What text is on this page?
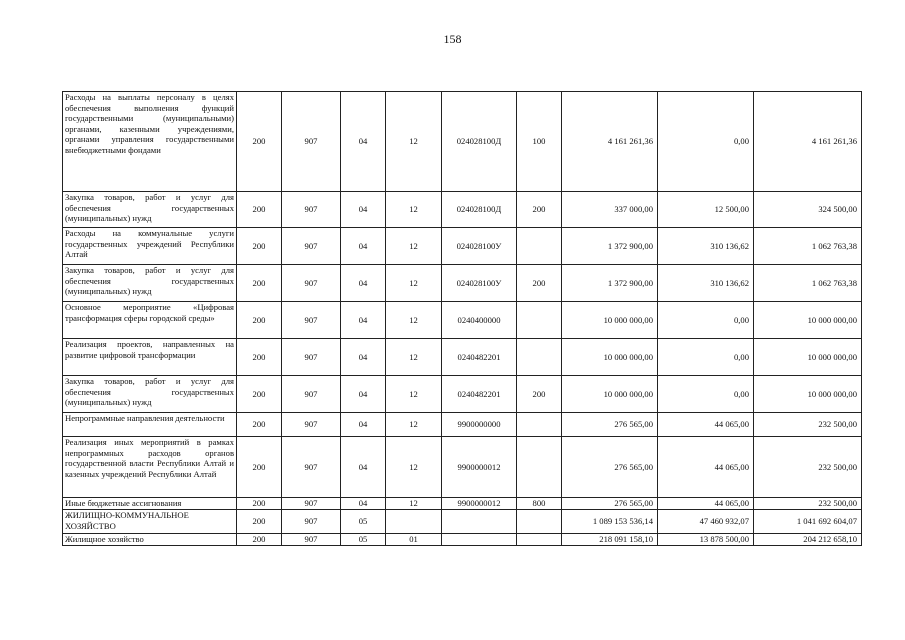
158
Расходы на выплаты персоналу в целях обеспечения выполнения функций государственными (муниципальными) органами, казенными учреждениями, органами управления государственными внебюджетными фондами	200	907	04	12	024028100Д	100	4 161 261,36	0,00	4 161 261,36
Закупка товаров, работ и услуг для обеспечения государственных (муниципальных) нужд	200	907	04	12	024028100Д	200	337 000,00	12 500,00	324 500,00
Расходы на коммунальные услуги государственных учреждений Республики Алтай	200	907	04	12	024028100У		1 372 900,00	310 136,62	1 062 763,38
Закупка товаров, работ и услуг для обеспечения государственных (муниципальных) нужд	200	907	04	12	024028100У	200	1 372 900,00	310 136,62	1 062 763,38
Основное мероприятие «Цифровая трансформация сферы городской среды»	200	907	04	12	0240400000		10 000 000,00	0,00	10 000 000,00
Реализация проектов, направленных на развитие цифровой трансформации	200	907	04	12	0240482201		10 000 000,00	0,00	10 000 000,00
Закупка товаров, работ и услуг для обеспечения государственных (муниципальных) нужд	200	907	04	12	0240482201	200	10 000 000,00	0,00	10 000 000,00
Непрограммные направления деятельности	200	907	04	12	9900000000		276 565,00	44 065,00	232 500,00
Реализация иных мероприятий в рамках непрограммных расходов органов государственной власти Республики Алтай и казенных учреждений Республики Алтай	200	907	04	12	9900000012		276 565,00	44 065,00	232 500,00
Иные бюджетные ассигнования	200	907	04	12	9900000012	800	276 565,00	44 065,00	232 500,00
ЖИЛИЩНО-КОММУНАЛЬНОЕ ХОЗЯЙСТВО	200	907	05				1 089 153 536,14	47 460 932,07	1 041 692 604,07
Жилищное хозяйство	200	907	05	01			218 091 158,10	13 878 500,00	204 212 658,10
